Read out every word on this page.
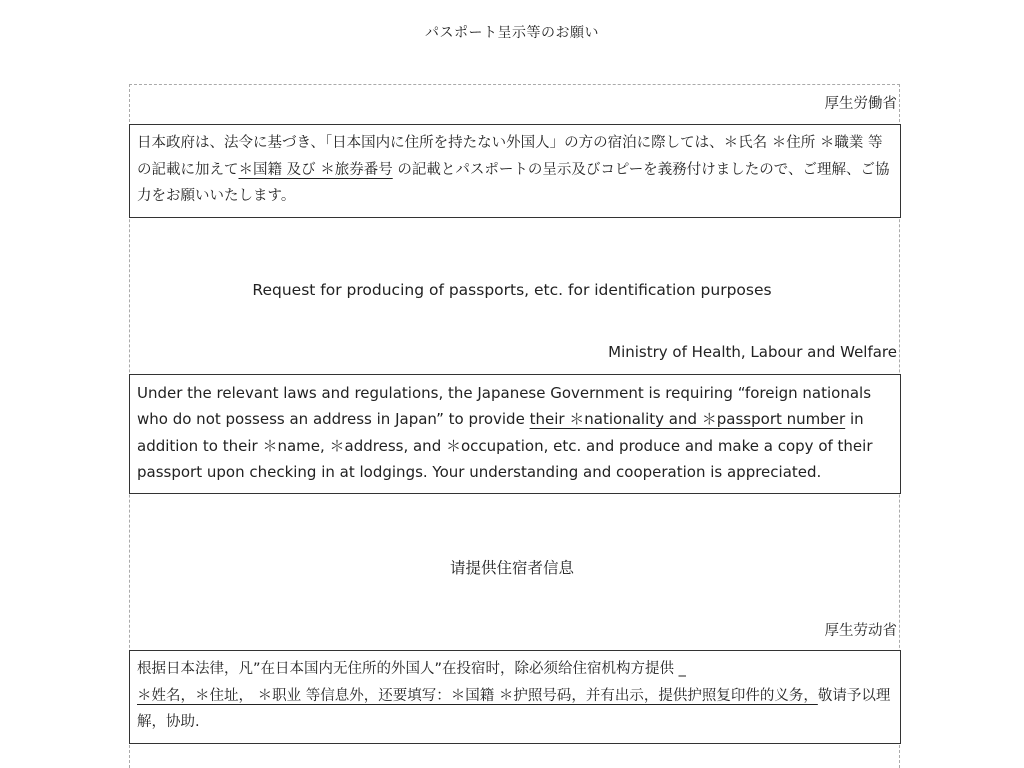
パスポート呈示等のお願い
厚生労働省
日本政府は、法令に基づき、「日本国内に住所を持たない外国人」の方の宿泊に際しては、＊氏名 ＊住所 ＊職業 等の記載に加えて＊国籍 及び ＊旅券番号 の記載とパスポートの呈示及びコピーを義務付けましたので、ご理解、ご協力をお願いいたします。
Request for producing of passports, etc. for identification purposes
Ministry of Health, Labour and Welfare
Under the relevant laws and regulations, the Japanese Government is requiring “foreign nationals who do not possess an address in Japan” to provide their ＊nationality and ＊passport number in addition to their ＊name, ＊address, and ＊occupation, etc. and produce and make a copy of their passport upon checking in at lodgings. Your understanding and cooperation is appreciated.
请提供住宿者信息
厚生劳动省
根据日本法律，凡”在日本国内无住所的外国人”在投宿时，除必须给住宿机构方提供 _
＊姓名，＊住址， ＊职业 等信息外，还要填写：＊国籍 ＊护照号码，并有出示，提供护照复印件的义务，敬请予以理解，协助.
